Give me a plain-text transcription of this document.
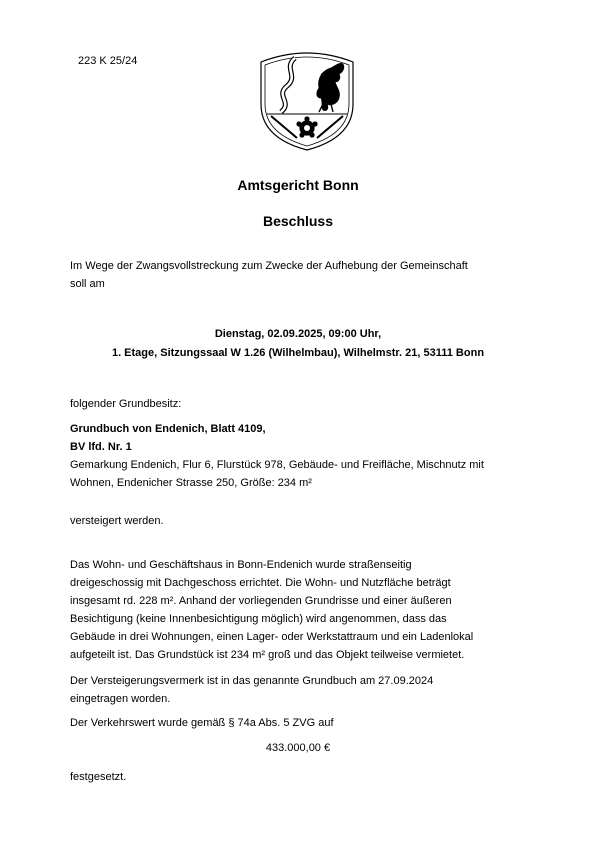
223 K 25/24
Amtsgericht Bonn
Beschluss
Im Wege der Zwangsvollstreckung zum Zwecke der Aufhebung der Gemeinschaft
soll am
Dienstag, 02.09.2025, 09:00 Uhr,
1. Etage, Sitzungssaal W 1.26 (Wilhelmbau), Wilhelmstr. 21, 53111 Bonn
folgender Grundbesitz:
Grundbuch von Endenich, Blatt 4109,
BV lfd. Nr. 1
Gemarkung Endenich, Flur 6, Flurstück 978, Gebäude- und Freifläche, Mischnutz mit
Wohnen, Endenicher Strasse 250, Größe: 234 m²
versteigert werden.
Das Wohn- und Geschäftshaus in Bonn-Endenich wurde straßenseitig
dreigeschossig mit Dachgeschoss errichtet. Die Wohn- und Nutzfläche beträgt
insgesamt rd. 228 m². Anhand der vorliegenden Grundrisse und einer äußeren
Besichtigung (keine Innenbesichtigung möglich) wird angenommen, dass das
Gebäude in drei Wohnungen, einen Lager- oder Werkstattraum und ein Ladenlokal
aufgeteilt ist. Das Grundstück ist 234 m² groß und das Objekt teilweise vermietet.
Der Versteigerungsvermerk ist in das genannte Grundbuch am 27.09.2024
eingetragen worden.
Der Verkehrswert wurde gemäß § 74a Abs. 5 ZVG auf
433.000,00 €
festgesetzt.
